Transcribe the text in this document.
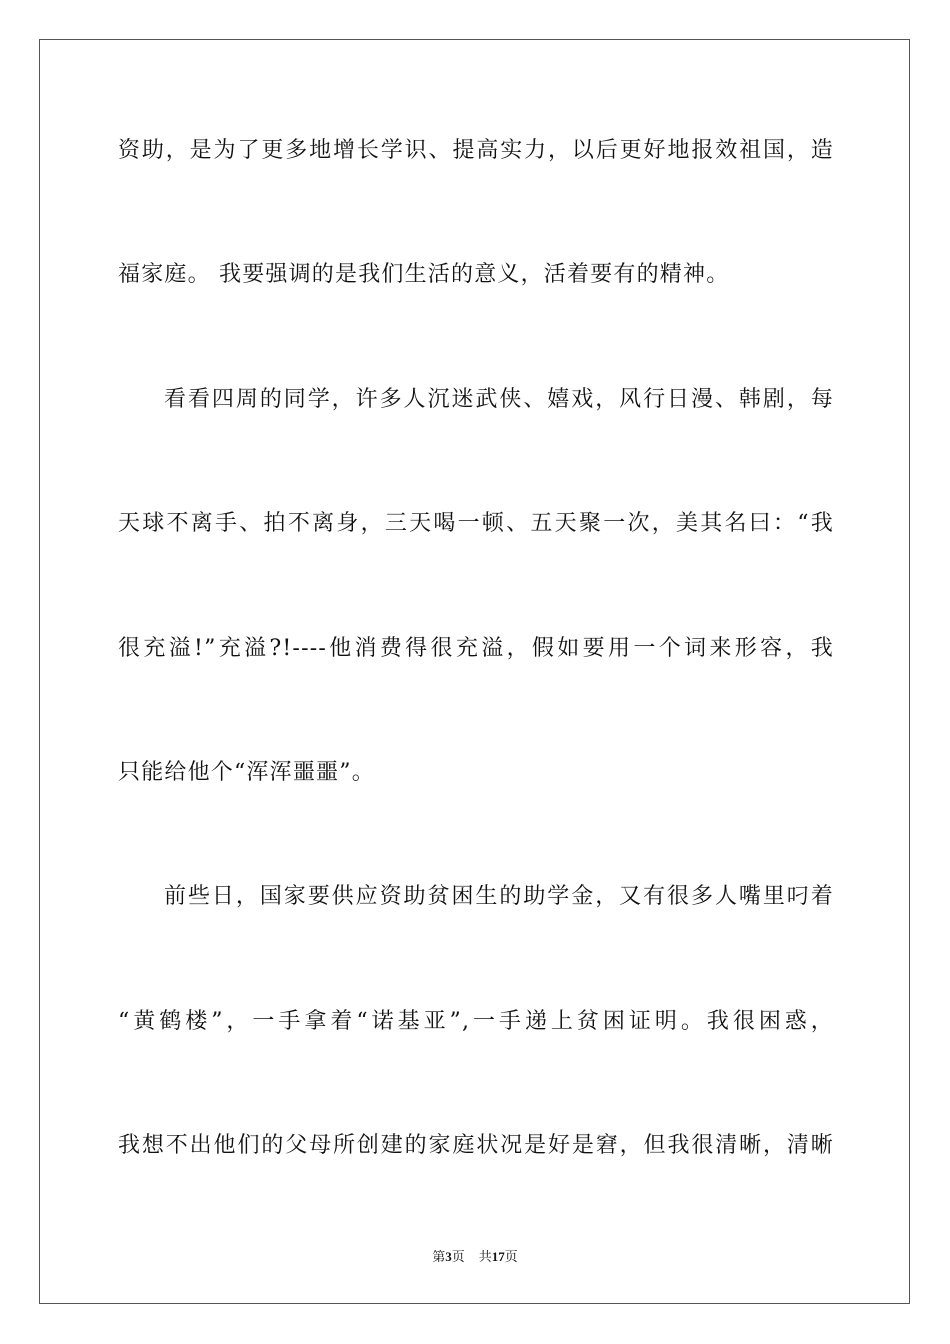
资助，是为了更多地增长学识、提高实力，以后更好地报效祖国，造

福家庭。 我要强调的是我们生活的意义，活着要有的精神。

看看四周的同学，许多人沉迷武侠、嬉戏，风行日漫、韩剧，每

天球不离手、拍不离身，三天喝一顿、五天聚一次，美其名曰：“我

很充溢!”充溢?!----他消费得很充溢，假如要用一个词来形容，我

只能给他个“浑浑噩噩”。

前些日，国家要供应资助贫困生的助学金，又有很多人嘴里叼着

“黄鹤楼”，一手拿着“诺基亚”,一手递上贫困证明。我很困惑，

我想不出他们的父母所创建的家庭状况是好是窘，但我很清晰，清晰

第3页 共17页
